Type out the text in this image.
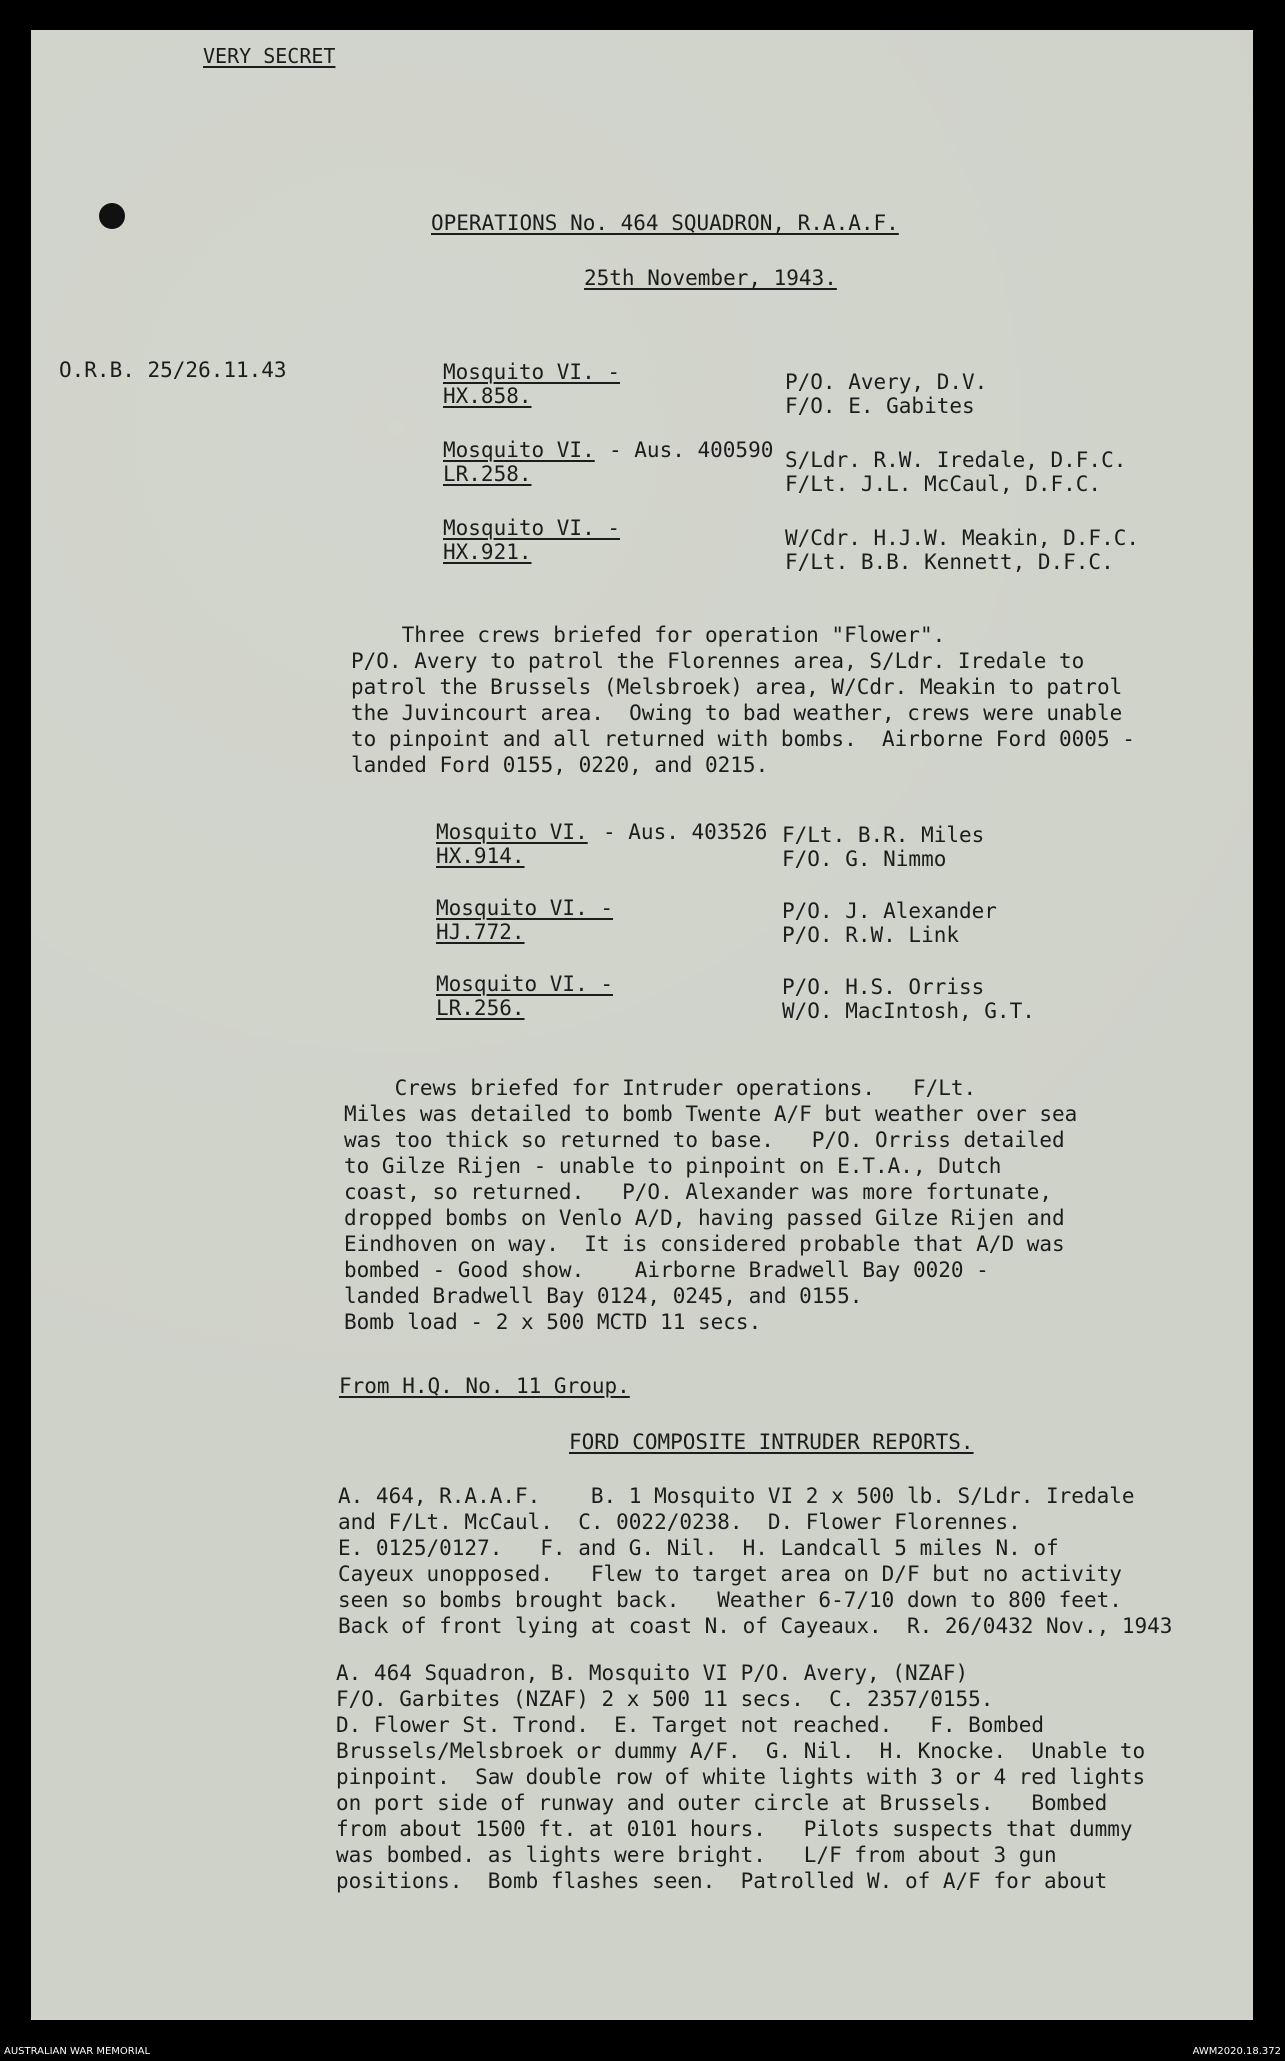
VERY SECRET
OPERATIONS No. 464 SQUADRON, R.A.A.F.
25th November, 1943.
O.R.B. 25/26.11.43	Mosquito VI. -
HX.858.
P/O. Avery, D.V.
F/O. E. Gabites
Mosquito VI. - Aus. 400590
LR.258.
S/Ldr. R.W. Iredale, D.F.C.
F/Lt. J.L. McCaul, D.F.C.
Mosquito VI. -
HX.921.
W/Cdr. H.J.W. Meakin, D.F.C.
F/Lt. B.B. Kennett, D.F.C.
Three crews briefed for operation "Flower".
P/O. Avery to patrol the Florennes area, S/Ldr. Iredale to
patrol the Brussels (Melsbroek) area, W/Cdr. Meakin to patrol
the Juvincourt area.  Owing to bad weather, crews were unable
to pinpoint and all returned with bombs.  Airborne Ford 0005 -
landed Ford 0155, 0220, and 0215.
Mosquito VI. - Aus. 403526
HX.914.
F/Lt. B.R. Miles
F/O. G. Nimmo
Mosquito VI. -
HJ.772.
P/O. J. Alexander
P/O. R.W. Link
Mosquito VI. -
LR.256.
P/O. H.S. Orriss
W/O. MacIntosh, G.T.
Crews briefed for Intruder operations.   F/Lt.
Miles was detailed to bomb Twente A/F but weather over sea
was too thick so returned to base.   P/O. Orriss detailed
to Gilze Rijen - unable to pinpoint on E.T.A., Dutch
coast, so returned.   P/O. Alexander was more fortunate,
dropped bombs on Venlo A/D, having passed Gilze Rijen and
Eindhoven on way.  It is considered probable that A/D was
bombed - Good show.    Airborne Bradwell Bay 0020 -
landed Bradwell Bay 0124, 0245, and 0155.
Bomb load - 2 x 500 MCTD 11 secs.
From H.Q. No. 11 Group.
FORD COMPOSITE INTRUDER REPORTS.
A. 464, R.A.A.F.    B. 1 Mosquito VI 2 x 500 lb. S/Ldr. Iredale
and F/Lt. McCaul.  C. 0022/0238.  D. Flower Florennes.
E. 0125/0127.   F. and G. Nil.  H. Landcall 5 miles N. of
Cayeux unopposed.   Flew to target area on D/F but no activity
seen so bombs brought back.   Weather 6-7/10 down to 800 feet.
Back of front lying at coast N. of Cayeaux.  R. 26/0432 Nov., 1943
A. 464 Squadron, B. Mosquito VI P/O. Avery, (NZAF)
F/O. Garbites (NZAF) 2 x 500 11 secs.  C. 2357/0155.
D. Flower St. Trond.  E. Target not reached.   F. Bombed
Brussels/Melsbroek or dummy A/F.  G. Nil.  H. Knocke.  Unable to
pinpoint.  Saw double row of white lights with 3 or 4 red lights
on port side of runway and outer circle at Brussels.   Bombed
from about 1500 ft. at 0101 hours.   Pilots suspects that dummy
was bombed. as lights were bright.   L/F from about 3 gun
positions.  Bomb flashes seen.  Patrolled W. of A/F for about
AUSTRALIAN WAR MEMORIAL	AWM2020.18.372
